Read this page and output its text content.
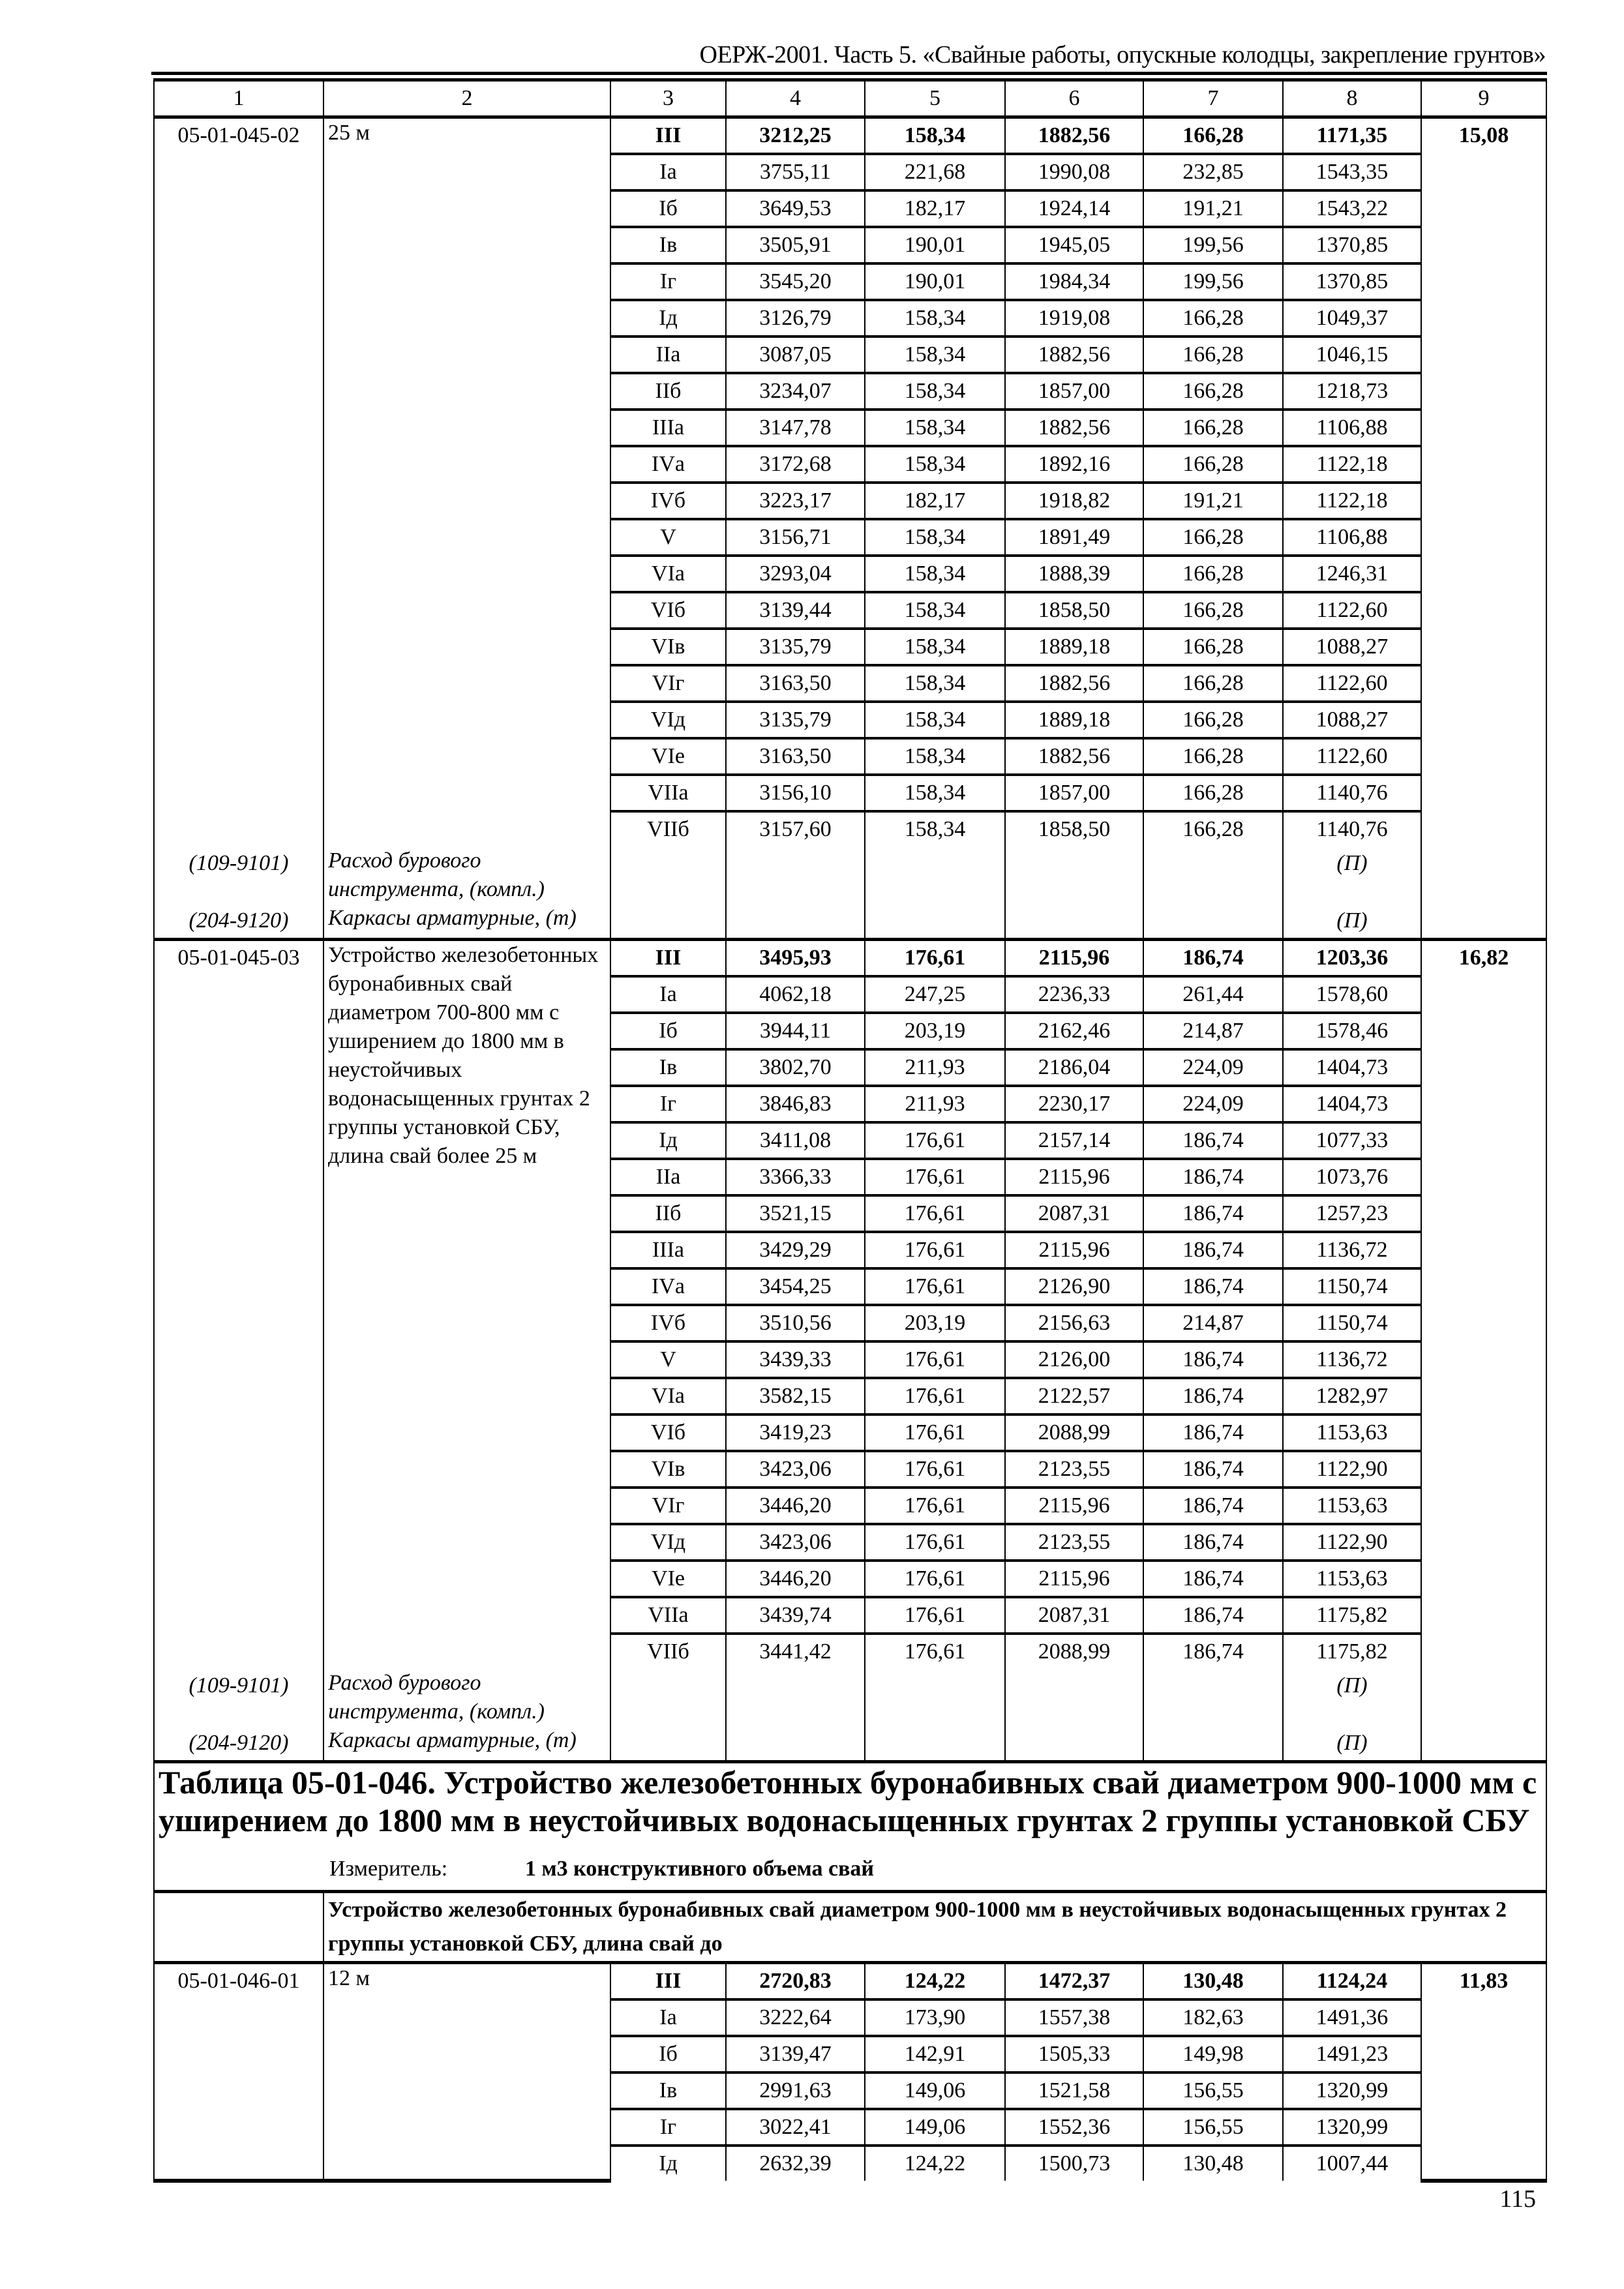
ОЕРЖ-2001. Часть 5. «Свайные работы, опускные колодцы, закрепление грунтов»
1	2	3	4	5	6	7	8	9
05-01-045-02	25 м	III	3212,25	158,34	1882,56	166,28	1171,35	15,08
		Iа	3755,11	221,68	1990,08	232,85	1543,35	
		Iб	3649,53	182,17	1924,14	191,21	1543,22	
		Iв	3505,91	190,01	1945,05	199,56	1370,85	
		Iг	3545,20	190,01	1984,34	199,56	1370,85	
		Iд	3126,79	158,34	1919,08	166,28	1049,37	
		IIа	3087,05	158,34	1882,56	166,28	1046,15	
		IIб	3234,07	158,34	1857,00	166,28	1218,73	
		IIIа	3147,78	158,34	1882,56	166,28	1106,88	
		IVа	3172,68	158,34	1892,16	166,28	1122,18	
		IVб	3223,17	182,17	1918,82	191,21	1122,18	
		V	3156,71	158,34	1891,49	166,28	1106,88	
		VIа	3293,04	158,34	1888,39	166,28	1246,31	
		VIб	3139,44	158,34	1858,50	166,28	1122,60	
		VIв	3135,79	158,34	1889,18	166,28	1088,27	
		VIг	3163,50	158,34	1882,56	166,28	1122,60	
		VIд	3135,79	158,34	1889,18	166,28	1088,27	
		VIе	3163,50	158,34	1882,56	166,28	1122,60	
		VIIа	3156,10	158,34	1857,00	166,28	1140,76	
		VIIб	3157,60	158,34	1858,50	166,28	1140,76	
(109-9101)	Расход бурового инструмента, (компл.)						(П)	
(204-9120)	Каркасы арматурные, (т)						(П)	
05-01-045-03	Устройство железобетонных буронабивных свай диаметром 700-800 мм с уширением до 1800 мм в неустойчивых водонасыщенных грунтах 2 группы установкой СБУ, длина свай более 25 м	III	3495,93	176,61	2115,96	186,74	1203,36	16,82
		Iа	4062,18	247,25	2236,33	261,44	1578,60	
		Iб	3944,11	203,19	2162,46	214,87	1578,46	
		Iв	3802,70	211,93	2186,04	224,09	1404,73	
		Iг	3846,83	211,93	2230,17	224,09	1404,73	
		Iд	3411,08	176,61	2157,14	186,74	1077,33	
		IIа	3366,33	176,61	2115,96	186,74	1073,76	
		IIб	3521,15	176,61	2087,31	186,74	1257,23	
		IIIа	3429,29	176,61	2115,96	186,74	1136,72	
		IVа	3454,25	176,61	2126,90	186,74	1150,74	
		IVб	3510,56	203,19	2156,63	214,87	1150,74	
		V	3439,33	176,61	2126,00	186,74	1136,72	
		VIа	3582,15	176,61	2122,57	186,74	1282,97	
		VIб	3419,23	176,61	2088,99	186,74	1153,63	
		VIв	3423,06	176,61	2123,55	186,74	1122,90	
		VIг	3446,20	176,61	2115,96	186,74	1153,63	
		VIд	3423,06	176,61	2123,55	186,74	1122,90	
		VIе	3446,20	176,61	2115,96	186,74	1153,63	
		VIIа	3439,74	176,61	2087,31	186,74	1175,82	
		VIIб	3441,42	176,61	2088,99	186,74	1175,82	
(109-9101)	Расход бурового инструмента, (компл.)						(П)	
(204-9120)	Каркасы арматурные, (т)						(П)	

Таблица 05-01-046. Устройство железобетонных буронабивных свай диаметром 900-1000 мм с уширением до 1800 мм в неустойчивых водонасыщенных грунтах 2 группы установкой СБУ
Измеритель: 1 м3 конструктивного объема свай								

	Устройство железобетонных буронабивных свай диаметром 900-1000 мм в неустойчивых водонасыщенных грунтах 2 группы установкой СБУ, длина свай до							
05-01-046-01	12 м	III	2720,83	124,22	1472,37	130,48	1124,24	11,83
		Iа	3222,64	173,90	1557,38	182,63	1491,36	
		Iб	3139,47	142,91	1505,33	149,98	1491,23	
		Iв	2991,63	149,06	1521,58	156,55	1320,99	
		Iг	3022,41	149,06	1552,36	156,55	1320,99	
		Iд	2632,39	124,22	1500,73	130,48	1007,44	
115
